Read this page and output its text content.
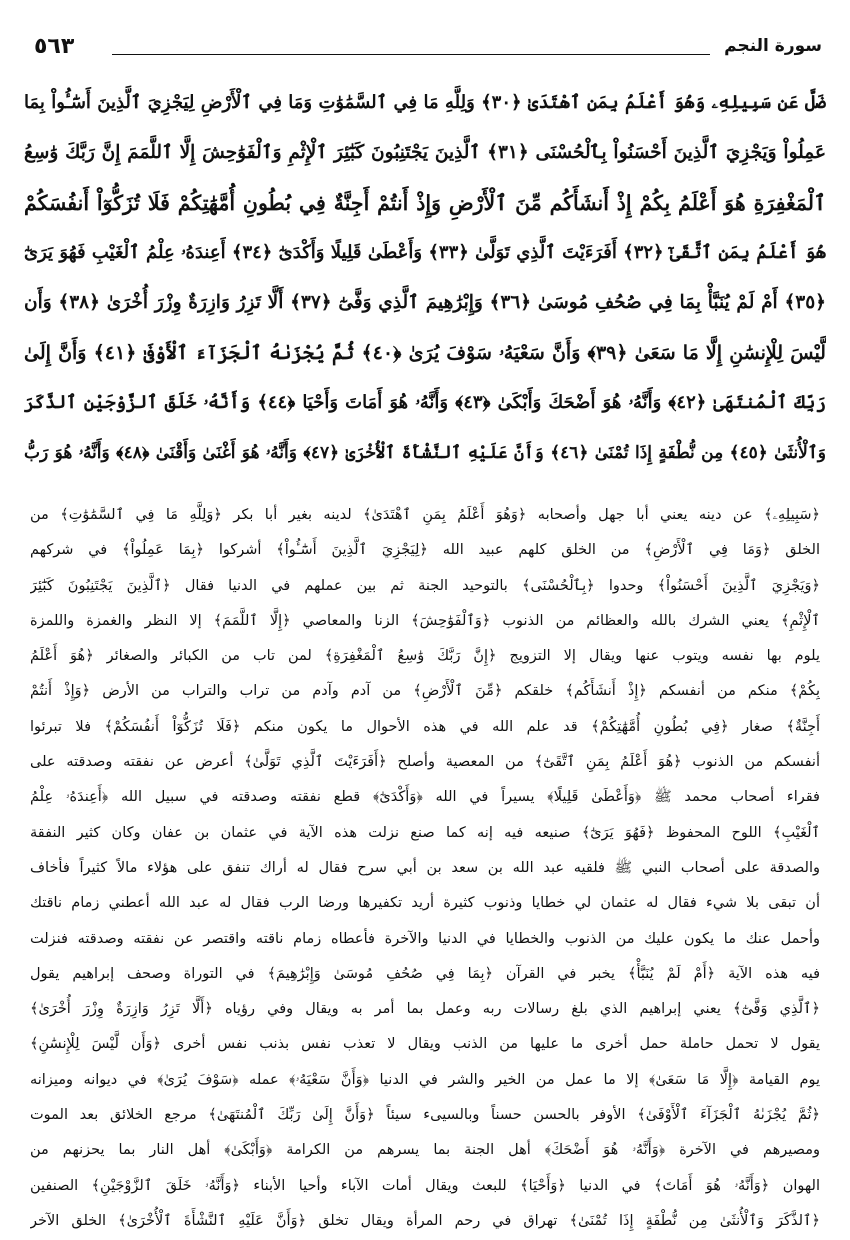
سورة النجم
٥٦٣
ضَلَّ عَن سَبِيلِهِۦ وَهُوَ أَعْلَمُ بِمَنِ ٱهْتَدَىٰ ﴿٣٠﴾ وَلِلَّهِ مَا فِي ٱلسَّمَٰوَٰتِ وَمَا فِي ٱلْأَرْضِ لِيَجْزِيَ ٱلَّذِينَ أَسَٰٓـُٔواْ بِمَا
عَمِلُواْ وَيَجْزِيَ ٱلَّذِينَ أَحْسَنُواْ بِٱلْحُسْنَى ﴿٣١﴾ ٱلَّذِينَ يَجْتَنِبُونَ كَبَٰٓئِرَ ٱلْإِثْمِ وَٱلْفَوَٰحِشَ إِلَّا ٱللَّمَمَ إِنَّ رَبَّكَ وَٰسِعُ
ٱلْمَغْفِرَةِ هُوَ أَعْلَمُ بِكُمْ إِذْ أَنشَأَكُم مِّنَ ٱلْأَرْضِ وَإِذْ أَنتُمْ أَجِنَّةٌ فِي بُطُونِ أُمَّهَٰتِكُمْ فَلَا تُزَكُّوٓاْ أَنفُسَكُمْ
هُوَ أَعْلَمُ بِمَنِ ٱتَّقَىٰٓ ﴿٣٢﴾ أَفَرَءَيْتَ ٱلَّذِي تَوَلَّىٰ ﴿٣٣﴾ وَأَعْطَىٰ قَلِيلًا وَأَكْدَىٰٓ ﴿٣٤﴾ أَعِندَهُۥ عِلْمُ ٱلْغَيْبِ فَهُوَ يَرَىٰٓ
﴿٣٥﴾ أَمْ لَمْ يُنَبَّأْ بِمَا فِي صُحُفِ مُوسَىٰ ﴿٣٦﴾ وَإِبْرَٰهِيمَ ٱلَّذِي وَفَّىٰٓ ﴿٣٧﴾ أَلَّا تَزِرُ وَازِرَةٌ وِزْرَ أُخْرَىٰ ﴿٣٨﴾ وَأَن
لَّيْسَ لِلْإِنسَٰنِ إِلَّا مَا سَعَىٰ ﴿٣٩﴾ وَأَنَّ سَعْيَهُۥ سَوْفَ يُرَىٰ ﴿٤٠﴾ ثُمَّ يُجْزَىٰهُ ٱلْجَزَآءَ ٱلْأَوْفَىٰ ﴿٤١﴾ وَأَنَّ إِلَىٰ
رَبِّكَ ٱلْمُنتَهَىٰ ﴿٤٢﴾ وَأَنَّهُۥ هُوَ أَضْحَكَ وَأَبْكَىٰ ﴿٤٣﴾ وَأَنَّهُۥ هُوَ أَمَاتَ وَأَحْيَا ﴿٤٤﴾ وَأَنَّهُۥ خَلَقَ ٱلزَّوْجَيْنِ ٱلذَّكَرَ
وَٱلْأُنثَىٰ ﴿٤٥﴾ مِن نُّطْفَةٍ إِذَا تُمْنَىٰ ﴿٤٦﴾ وَأَنَّ عَلَيْهِ ٱلنَّشْأَةَ ٱلْأُخْرَىٰ ﴿٤٧﴾ وَأَنَّهُۥ هُوَ أَغْنَىٰ وَأَقْنَىٰ ﴿٤٨﴾ وَأَنَّهُۥ هُوَ رَبُّ
﴿سَبِيلِهِۦ﴾ عن دينه يعني أبا جهل وأصحابه ﴿وَهُوَ أَعْلَمُ بِمَنِ ٱهْتَدَىٰ﴾ لدينه بغير أبا بكر ﴿وَلِلَّهِ مَا فِي ٱلسَّمَٰوَٰتِ﴾ من
الخلق ﴿وَمَا فِي ٱلْأَرْضِ﴾ من الخلق كلهم عبيد الله ﴿لِيَجْزِيَ ٱلَّذِينَ أَسَٰٓـُٔواْ﴾ أشركوا ﴿بِمَا عَمِلُواْ﴾ في شركهم
﴿وَيَجْزِيَ ٱلَّذِينَ أَحْسَنُواْ﴾ وحدوا ﴿بِٱلْحُسْنَى﴾ بالتوحيد الجنة ثم بين عملهم في الدنيا فقال ﴿ٱلَّذِينَ يَجْتَنِبُونَ كَبَٰٓئِرَ
ٱلْإِثْمِ﴾ يعني الشرك بالله والعظائم من الذنوب ﴿وَٱلْفَوَٰحِشَ﴾ الزنا والمعاصي ﴿إِلَّا ٱللَّمَمَ﴾ إلا النظر والغمزة واللمزة
يلوم بها نفسه ويتوب عنها ويقال إلا التزويج ﴿إِنَّ رَبَّكَ وَٰسِعُ ٱلْمَغْفِرَةِ﴾ لمن تاب من الكبائر والصغائر ﴿هُوَ أَعْلَمُ
بِكُمْ﴾ منكم من أنفسكم ﴿إِذْ أَنشَأَكُم﴾ خلقكم ﴿مِّنَ ٱلْأَرْضِ﴾ من آدم وآدم من تراب والتراب من الأرض ﴿وَإِذْ أَنتُمْ
أَجِنَّةٌ﴾ صغار ﴿فِي بُطُونِ أُمَّهَٰتِكُمْ﴾ قد علم الله في هذه الأحوال ما يكون منكم ﴿فَلَا تُزَكُّوٓاْ أَنفُسَكُمْ﴾ فلا تبرئوا
أنفسكم من الذنوب ﴿هُوَ أَعْلَمُ بِمَنِ ٱتَّقَىٰٓ﴾ من المعصية وأصلح ﴿أَفَرَءَيْتَ ٱلَّذِي تَوَلَّىٰ﴾ أعرض عن نفقته وصدقته على
فقراء أصحاب محمد ﷺ ﴿وَأَعْطَىٰ قَلِيلًا﴾ يسيراً في الله ﴿وَأَكْدَىٰٓ﴾ قطع نفقته وصدقته في سبيل الله ﴿أَعِندَهُۥ عِلْمُ
ٱلْغَيْبِ﴾ اللوح المحفوظ ﴿فَهُوَ يَرَىٰٓ﴾ صنيعه فيه إنه كما صنع نزلت هذه الآية في عثمان بن عفان وكان كثير النفقة
والصدقة على أصحاب النبي ﷺ فلقيه عبد الله بن سعد بن أبي سرح فقال له أراك تنفق على هؤلاء مالاً كثيراً فأخاف
أن تبقى بلا شيء فقال له عثمان لي خطايا وذنوب كثيرة أريد تكفيرها ورضا الرب فقال له عبد الله أعطني زمام ناقتك
وأحمل عنك ما يكون عليك من الذنوب والخطايا في الدنيا والآخرة فأعطاه زمام ناقته واقتصر عن نفقته وصدقته فنزلت
فيه هذه الآية ﴿أَمْ لَمْ يُنَبَّأْ﴾ يخبر في القرآن ﴿بِمَا فِي صُحُفِ مُوسَىٰ وَإِبْرَٰهِيمَ﴾ في التوراة وصحف إبراهيم يقول
﴿ٱلَّذِي وَفَّىٰٓ﴾ يعني إبراهيم الذي بلغ رسالات ربه وعمل بما أمر به ويقال وفي رؤياه ﴿أَلَّا تَزِرُ وَازِرَةٌ وِزْرَ أُخْرَىٰ﴾
يقول لا تحمل حاملة حمل أخرى ما عليها من الذنب ويقال لا تعذب نفس بذنب نفس أخرى ﴿وَأَن لَّيْسَ لِلْإِنسَٰنِ﴾
يوم القيامة ﴿إِلَّا مَا سَعَىٰ﴾ إلا ما عمل من الخير والشر في الدنيا ﴿وَأَنَّ سَعْيَهُۥ﴾ عمله ﴿سَوْفَ يُرَىٰ﴾ في ديوانه وميزانه
﴿ثُمَّ يُجْزَىٰهُ ٱلْجَزَآءَ ٱلْأَوْفَىٰ﴾ الأوفر بالحسن حسناً وبالسيىء سيئاً ﴿وَأَنَّ إِلَىٰ رَبِّكَ ٱلْمُنتَهَىٰ﴾ مرجع الخلائق بعد الموت
ومصيرهم في الآخرة ﴿وَأَنَّهُۥ هُوَ أَضْحَكَ﴾ أهل الجنة بما يسرهم من الكرامة ﴿وَأَبْكَىٰ﴾ أهل النار بما يحزنهم من
الهوان ﴿وَأَنَّهُۥ هُوَ أَمَاتَ﴾ في الدنيا ﴿وَأَحْيَا﴾ للبعث ويقال أمات الآباء وأحيا الأبناء ﴿وَأَنَّهُۥ خَلَقَ ٱلزَّوْجَيْنِ﴾ الصنفين
﴿ٱلذَّكَرَ وَٱلْأُنثَىٰ مِن نُّطْفَةٍ إِذَا تُمْنَىٰ﴾ تهراق في رحم المرأة ويقال تخلق ﴿وَأَنَّ عَلَيْهِ ٱلنَّشْأَةَ ٱلْأُخْرَىٰ﴾ الخلق الآخر
